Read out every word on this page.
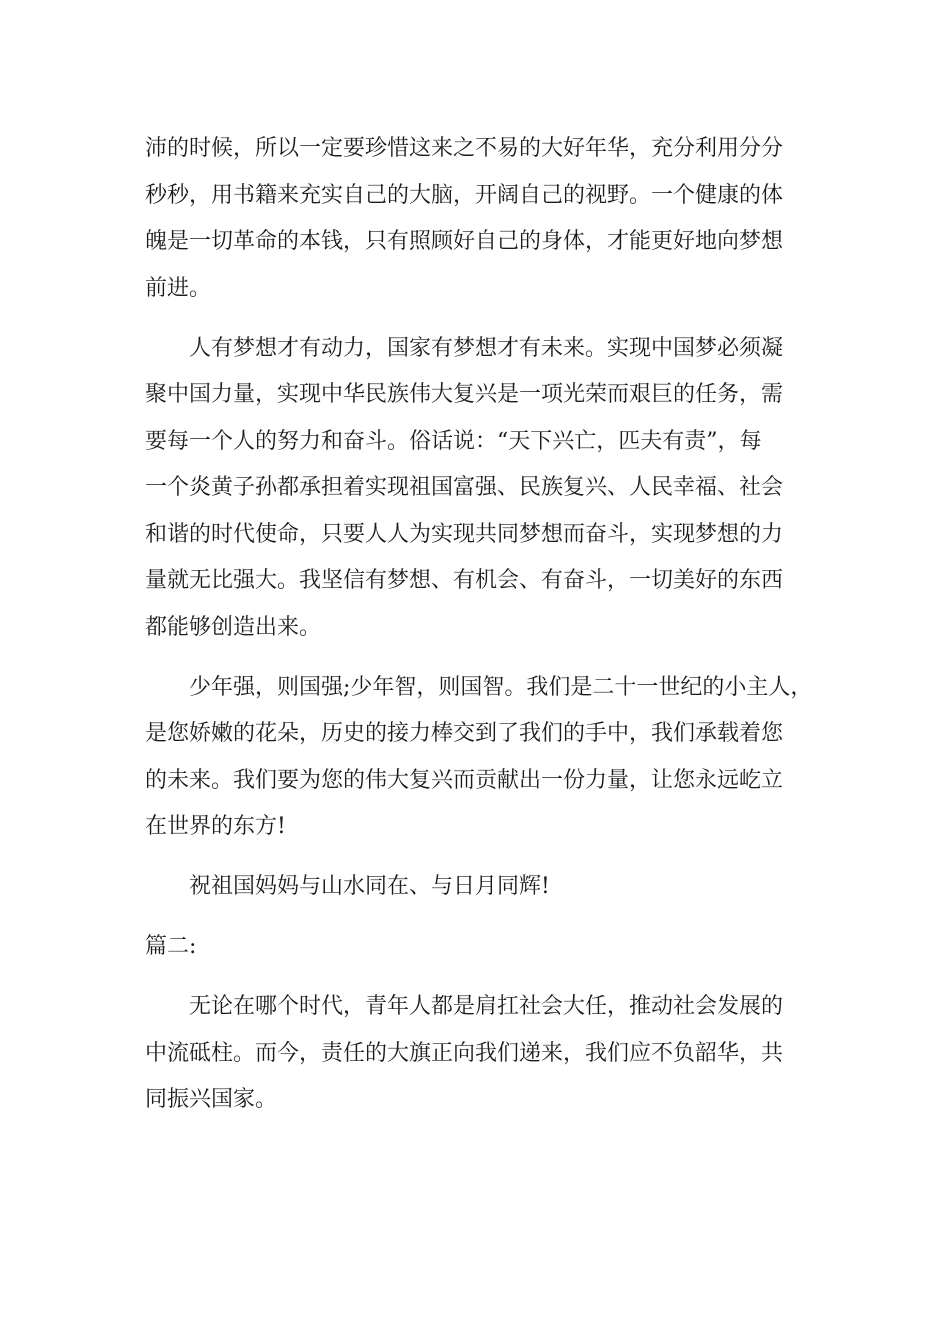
沛的时候，所以一定要珍惜这来之不易的大好年华，充分利用分分
秒秒，用书籍来充实自己的大脑，开阔自己的视野。一个健康的体
魄是一切革命的本钱，只有照顾好自己的身体，才能更好地向梦想
前进。
人有梦想才有动力，国家有梦想才有未来。实现中国梦必须凝
聚中国力量，实现中华民族伟大复兴是一项光荣而艰巨的任务，需
要每一个人的努力和奋斗。俗话说：“天下兴亡，匹夫有责”，每
一个炎黄子孙都承担着实现祖国富强、民族复兴、人民幸福、社会
和谐的时代使命，只要人人为实现共同梦想而奋斗，实现梦想的力
量就无比强大。我坚信有梦想、有机会、有奋斗，一切美好的东西
都能够创造出来。
少年强，则国强;少年智，则国智。我们是二十一世纪的小主人，
是您娇嫩的花朵，历史的接力棒交到了我们的手中，我们承载着您
的未来。我们要为您的伟大复兴而贡献出一份力量，让您永远屹立
在世界的东方!
祝祖国妈妈与山水同在、与日月同辉!
篇二:
无论在哪个时代，青年人都是肩扛社会大任，推动社会发展的
中流砥柱。而今，责任的大旗正向我们递来，我们应不负韶华，共
同振兴国家。
